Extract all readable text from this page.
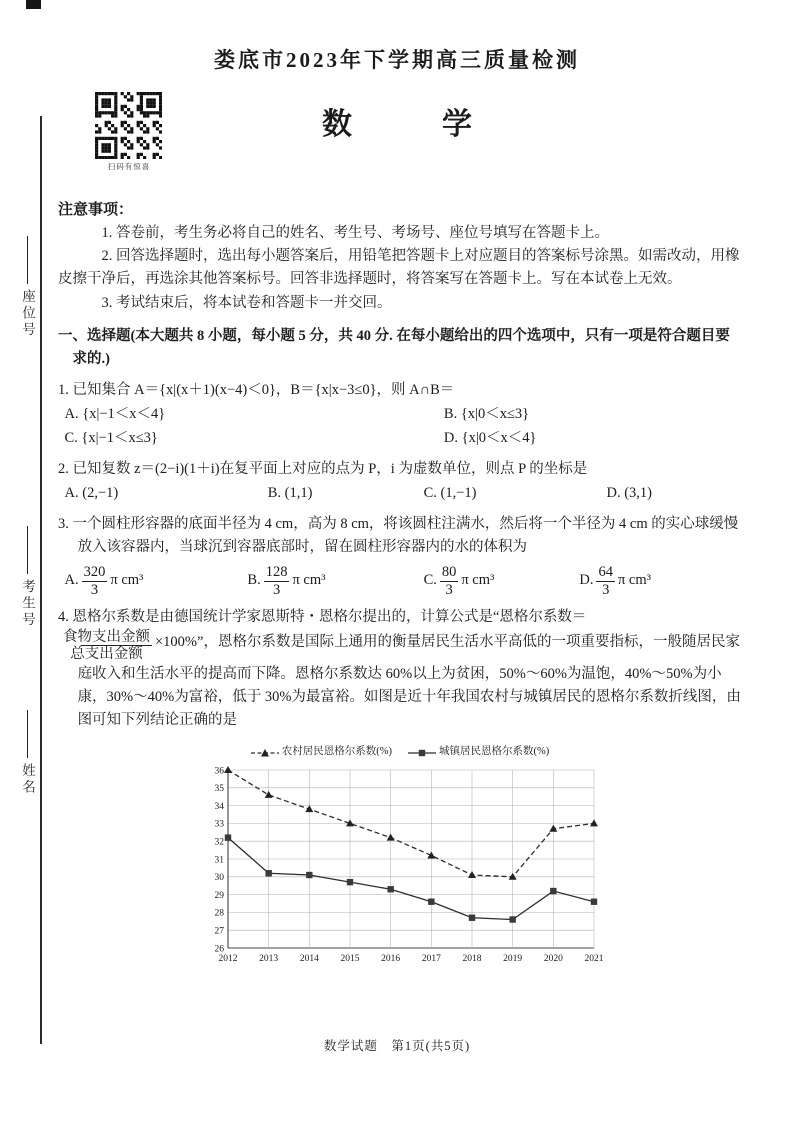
座位号
考生号
姓名
扫码有惊喜
娄底市2023年下学期高三质量检测
数　学
注意事项：

1. 答卷前，考生务必将自己的姓名、考生号、考场号、座位号填写在答题卡上。

2. 回答选择题时，选出每小题答案后，用铅笔把答题卡上对应题目的答案标号涂黑。如需改动，用橡皮擦干净后，再选涂其他答案标号。回答非选择题时，将答案写在答题卡上。写在本试卷上无效。

3. 考试结束后，将本试卷和答题卡一并交回。

一、选择题(本大题共 8 小题，每小题 5 分，共 40 分. 在每小题给出的四个选项中，只有一项是符合题目要求的.)

1. 已知集合 A＝{x|(x＋1)(x−4)＜0}，B＝{x|x−3≤0}，则 A∩B＝

A. {x|−1＜x＜4}	B. {x|0＜x≤3}
C. {x|−1＜x≤3}	D. {x|0＜x＜4}

2. 已知复数 z＝(2−i)(1＋i)在复平面上对应的点为 P，i 为虚数单位，则点 P 的坐标是

A. (2,−1)	B. (1,1)	C. (1,−1)	D. (3,1)

3. 一个圆柱形容器的底面半径为 4 cm，高为 8 cm，将该圆柱注满水，然后将一个半径为 4 cm 的实心球缓慢放入该容器内，当球沉到容器底部时，留在圆柱形容器内的水的体积为

A. $\frac{320}{3}$ π cm³	B. $\frac{128}{3}$ π cm³	C. $\frac{80}{3}$ π cm³	D. $\frac{64}{3}$ π cm³

4. 恩格尔系数是由德国统计学家恩斯特・恩格尔提出的，计算公式是“恩格尔系数＝

$\frac{\text{食物支出金额}}{\text{总支出金额}} \times 100\%$”，恩格尔系数是国际上通用的衡量居民生活水平高低的一项重要指标，一般随居民家庭收入和生活水平的提高而下降。恩格尔系数达 60%以上为贫困，50%～60%为温饱，40%～50%为小康，30%～40%为富裕，低于 30%为最富裕。如图是近十年我国农村与城镇居民的恩格尔系数折线图，由图可知下列结论正确的是

农村居民恩格尔系数(%)	城镇居民恩格尔系数(%)
26
27
28
29
30
31
32
33
34
35
36
2012 2013 2014 2015 2016 2017 2018 2019 2020 2021
数学试题　第1页(共5页)
